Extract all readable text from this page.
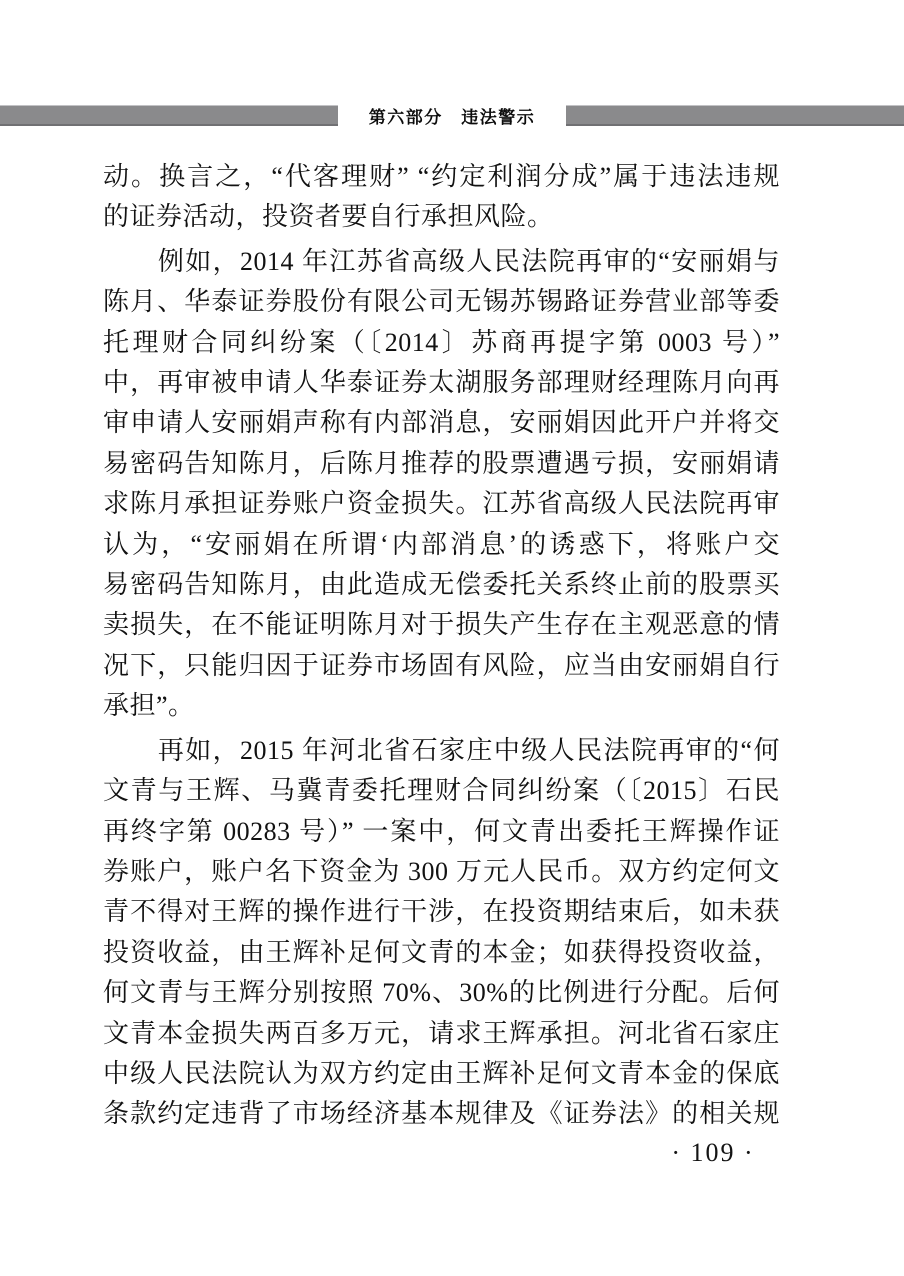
第六部分　违法警示
动。换言之，“代客理财” “约定利润分成”属于违法违规
的证券活动，投资者要自行承担风险。
　　例如，2014 年江苏省高级人民法院再审的“安丽娟与
陈月、华泰证券股份有限公司无锡苏锡路证券营业部等委
托理财合同纠纷案（〔2014〕苏商再提字第 0003 号）”
中，再审被申请人华泰证券太湖服务部理财经理陈月向再
审申请人安丽娟声称有内部消息，安丽娟因此开户并将交
易密码告知陈月，后陈月推荐的股票遭遇亏损，安丽娟请
求陈月承担证券账户资金损失。江苏省高级人民法院再审
认为，“安丽娟在所谓‘内部消息’的诱惑下，将账户交
易密码告知陈月，由此造成无偿委托关系终止前的股票买
卖损失，在不能证明陈月对于损失产生存在主观恶意的情
况下，只能归因于证券市场固有风险，应当由安丽娟自行
承担”。
　　再如，2015 年河北省石家庄中级人民法院再审的“何
文青与王辉、马冀青委托理财合同纠纷案（〔2015〕石民
再终字第 00283 号）” 一案中，何文青出委托王辉操作证
券账户，账户名下资金为 300 万元人民币。双方约定何文
青不得对王辉的操作进行干涉，在投资期结束后，如未获
投资收益，由王辉补足何文青的本金；如获得投资收益，
何文青与王辉分别按照 70%、30%的比例进行分配。后何
文青本金损失两百多万元，请求王辉承担。河北省石家庄
中级人民法院认为双方约定由王辉补足何文青本金的保底
条款约定违背了市场经济基本规律及《证券法》的相关规
· 109 ·
